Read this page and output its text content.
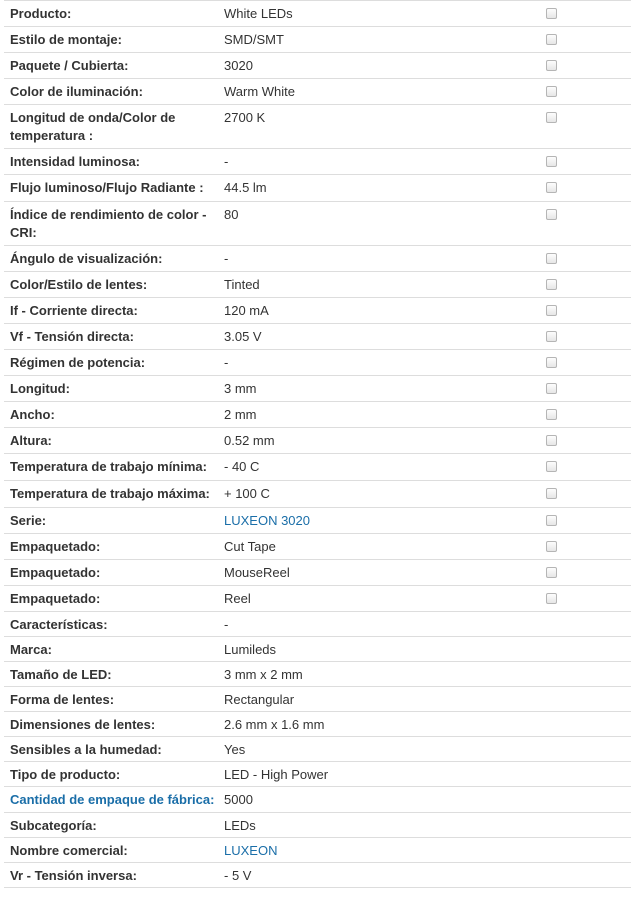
Producto:	White LEDs	
Estilo de montaje:	SMD/SMT	
Paquete / Cubierta:	3020	
Color de iluminación:	Warm White	
Longitud de onda/Color de temperatura :	2700 K	
Intensidad luminosa:	-	
Flujo luminoso/Flujo Radiante :	44.5 lm	
Índice de rendimiento de color - CRI:	80	
Ángulo de visualización:	-	
Color/Estilo de lentes:	Tinted	
If - Corriente directa:	120 mA	
Vf - Tensión directa:	3.05 V	
Régimen de potencia:	-	
Longitud:	3 mm	
Ancho:	2 mm	
Altura:	0.52 mm	
Temperatura de trabajo mínima:	- 40 C	
Temperatura de trabajo máxima:	+ 100 C	
Serie:	LUXEON 3020	
Empaquetado:	Cut Tape	
Empaquetado:	MouseReel	
Empaquetado:	Reel	
Características:	-	
Marca:	Lumileds	
Tamaño de LED:	3 mm x 2 mm	
Forma de lentes:	Rectangular	
Dimensiones de lentes:	2.6 mm x 1.6 mm	
Sensibles a la humedad:	Yes	
Tipo de producto:	LED - High Power	
Cantidad de empaque de fábrica:	5000	
Subcategoría:	LEDs	
Nombre comercial:	LUXEON	
Vr - Tensión inversa:	- 5 V	
